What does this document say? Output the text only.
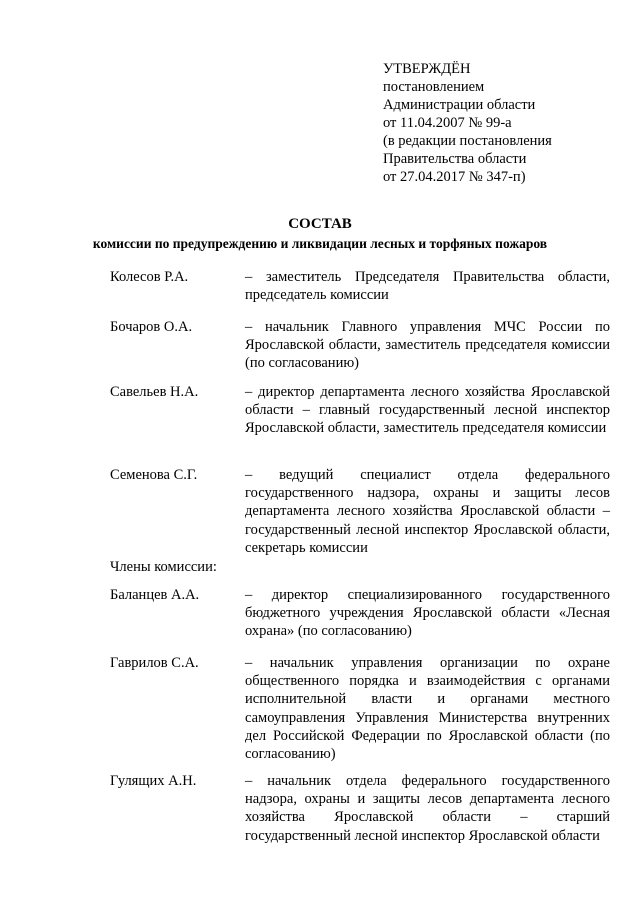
УТВЕРЖДЁН
постановлением
Администрации области
от 11.04.2007 № 99-а
(в редакции постановления
Правительства области
от 27.04.2017 № 347-п)
СОСТАВ
комиссии по предупреждению и ликвидации лесных и торфяных пожаров
Колесов Р.А.	– заместитель Председателя Правительства области, председатель комиссии
Бочаров О.А.	– начальник Главного управления МЧС России по Ярославской области, заместитель председателя комиссии (по согласованию)
Савельев Н.А.	– директор департамента лесного хозяйства Ярославской области – главный государственный лесной инспектор Ярославской области, заместитель председателя комиссии
Семенова С.Г.	– ведущий специалист отдела федерального государственного надзора, охраны и защиты лесов департамента лесного хозяйства Ярославской области – государственный лесной инспектор Ярославской области, секретарь комиссии
Члены комиссии:
Баланцев А.А.	– директор специализированного государственного бюджетного учреждения Ярославской области «Лесная охрана» (по согласованию)
Гаврилов С.А.	– начальник управления организации по охране общественного порядка и взаимодействия с органами исполнительной власти и органами местного самоуправления Управления Министерства внутренних дел Российской Федерации по Ярославской области (по согласованию)
Гулящих А.Н.	– начальник отдела федерального государственного надзора, охраны и защиты лесов департамента лесного хозяйства Ярославской области – старший государственный лесной инспектор Ярославской области
